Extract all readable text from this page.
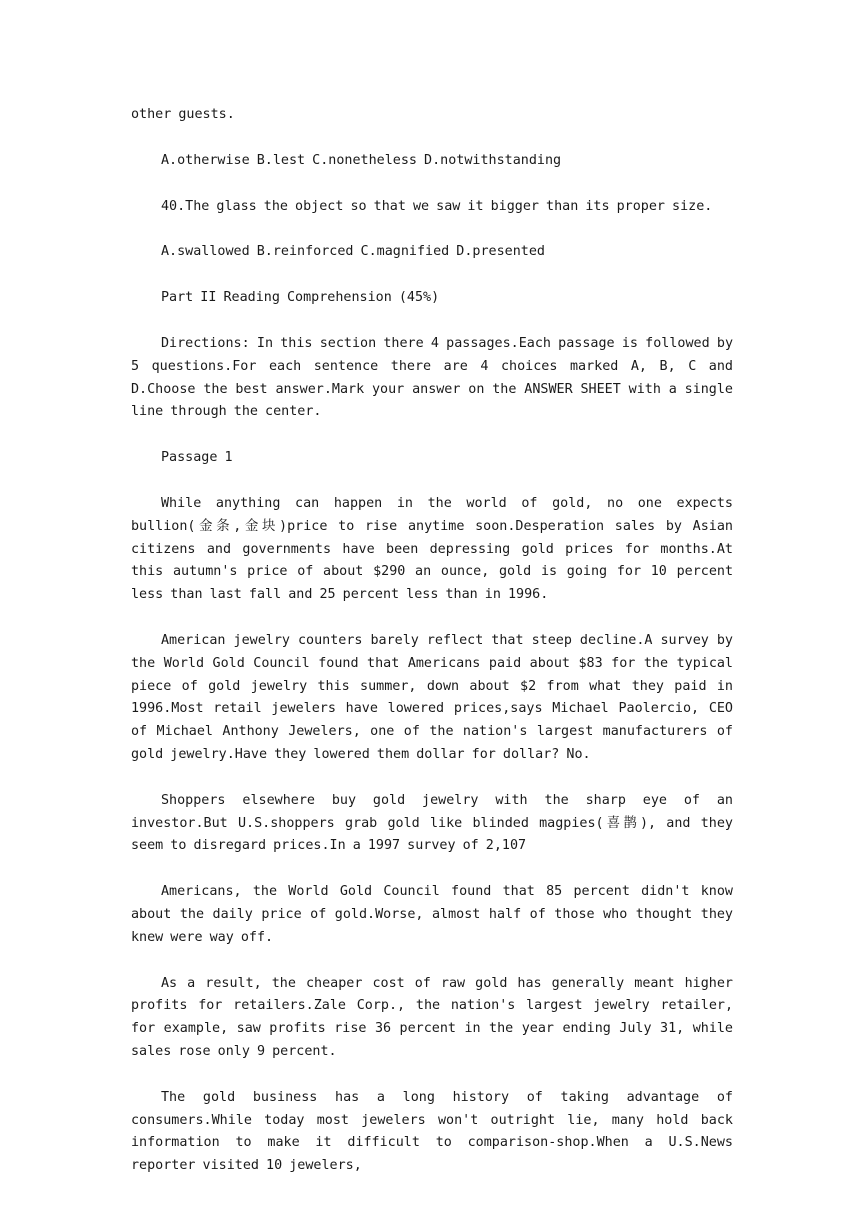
other guests.

A.otherwise B.lest C.nonetheless D.notwithstanding

40.The glass the object so that we saw it bigger than its proper size.

A.swallowed B.reinforced C.magnified D.presented

Part II Reading Comprehension (45%)

Directions: In this section there 4 passages.Each passage is followed by 5 questions.For each sentence there are 4 choices marked A, B, C and D.Choose the best answer.Mark your answer on the ANSWER SHEET with a single line through the center.

Passage 1

While anything can happen in the world of gold, no one expects bullion(金条,金块)price to rise anytime soon.Desperation sales by Asian citizens and governments have been depressing gold prices for months.At this autumn's price of about $290 an ounce, gold is going for 10 percent less than last fall and 25 percent less than in 1996.

American jewelry counters barely reflect that steep decline.A survey by the World Gold Council found that Americans paid about $83 for the typical piece of gold jewelry this summer, down about $2 from what they paid in 1996.Most retail jewelers have lowered prices,says Michael Paolercio, CEO of Michael Anthony Jewelers, one of the nation's largest manufacturers of gold jewelry.Have they lowered them dollar for dollar? No.

Shoppers elsewhere buy gold jewelry with the sharp eye of an investor.But U.S.shoppers grab gold like blinded magpies(喜鹊), and they seem to disregard prices.In a 1997 survey of 2,107

Americans, the World Gold Council found that 85 percent didn't know about the daily price of gold.Worse, almost half of those who thought they knew were way off.

As a result, the cheaper cost of raw gold has generally meant higher profits for retailers.Zale Corp., the nation's largest jewelry retailer, for example, saw profits rise 36 percent in the year ending July 31, while sales rose only 9 percent.

The gold business has a long history of taking advantage of consumers.While today most jewelers won't outright lie, many hold back information to make it difficult to comparison-shop.When a U.S.News reporter visited 10 jewelers,
